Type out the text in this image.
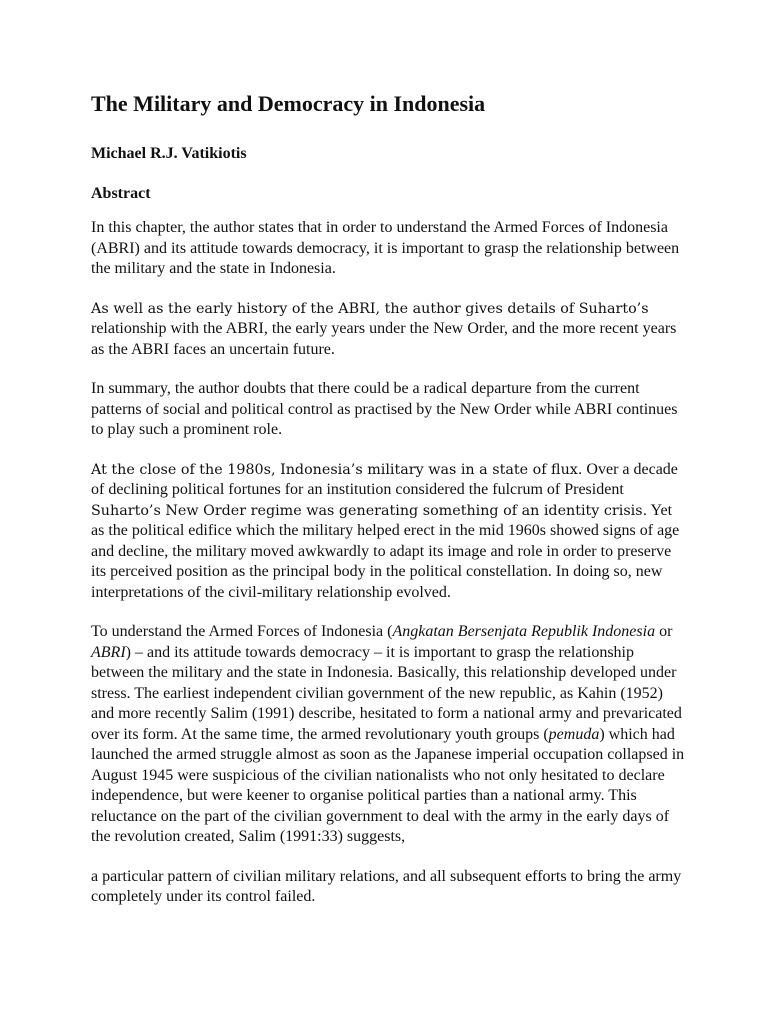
The Military and Democracy in Indonesia

Michael R.J. Vatikiotis

Abstract

In this chapter, the author states that in order to understand the Armed Forces of Indonesia (ABRI) and its attitude towards democracy, it is important to grasp the relationship between the military and the state in Indonesia.

As well as the early history of the ABRI, the author gives details of Suharto’s relationship with the ABRI, the early years under the New Order, and the more recent years as the ABRI faces an uncertain future.

In summary, the author doubts that there could be a radical departure from the current patterns of social and political control as practised by the New Order while ABRI continues to play such a prominent role.

At the close of the 1980s, Indonesia’s military was in a state of flux. Over a decade of declining political fortunes for an institution considered the fulcrum of President Suharto’s New Order regime was generating something of an identity crisis. Yet as the political edifice which the military helped erect in the mid 1960s showed signs of age and decline, the military moved awkwardly to adapt its image and role in order to preserve its perceived position as the principal body in the political constellation. In doing so, new interpretations of the civil-military relationship evolved.

To understand the Armed Forces of Indonesia (Angkatan Bersenjata Republik Indonesia or ABRI) – and its attitude towards democracy – it is important to grasp the relationship between the military and the state in Indonesia. Basically, this relationship developed under stress. The earliest independent civilian government of the new republic, as Kahin (1952) and more recently Salim (1991) describe, hesitated to form a national army and prevaricated over its form. At the same time, the armed revolutionary youth groups (pemuda) which had launched the armed struggle almost as soon as the Japanese imperial occupation collapsed in August 1945 were suspicious of the civilian nationalists who not only hesitated to declare independence, but were keener to organise political parties than a national army. This reluctance on the part of the civilian government to deal with the army in the early days of the revolution created, Salim (1991:33) suggests,

a particular pattern of civilian military relations, and all subsequent efforts to bring the army completely under its control failed.
